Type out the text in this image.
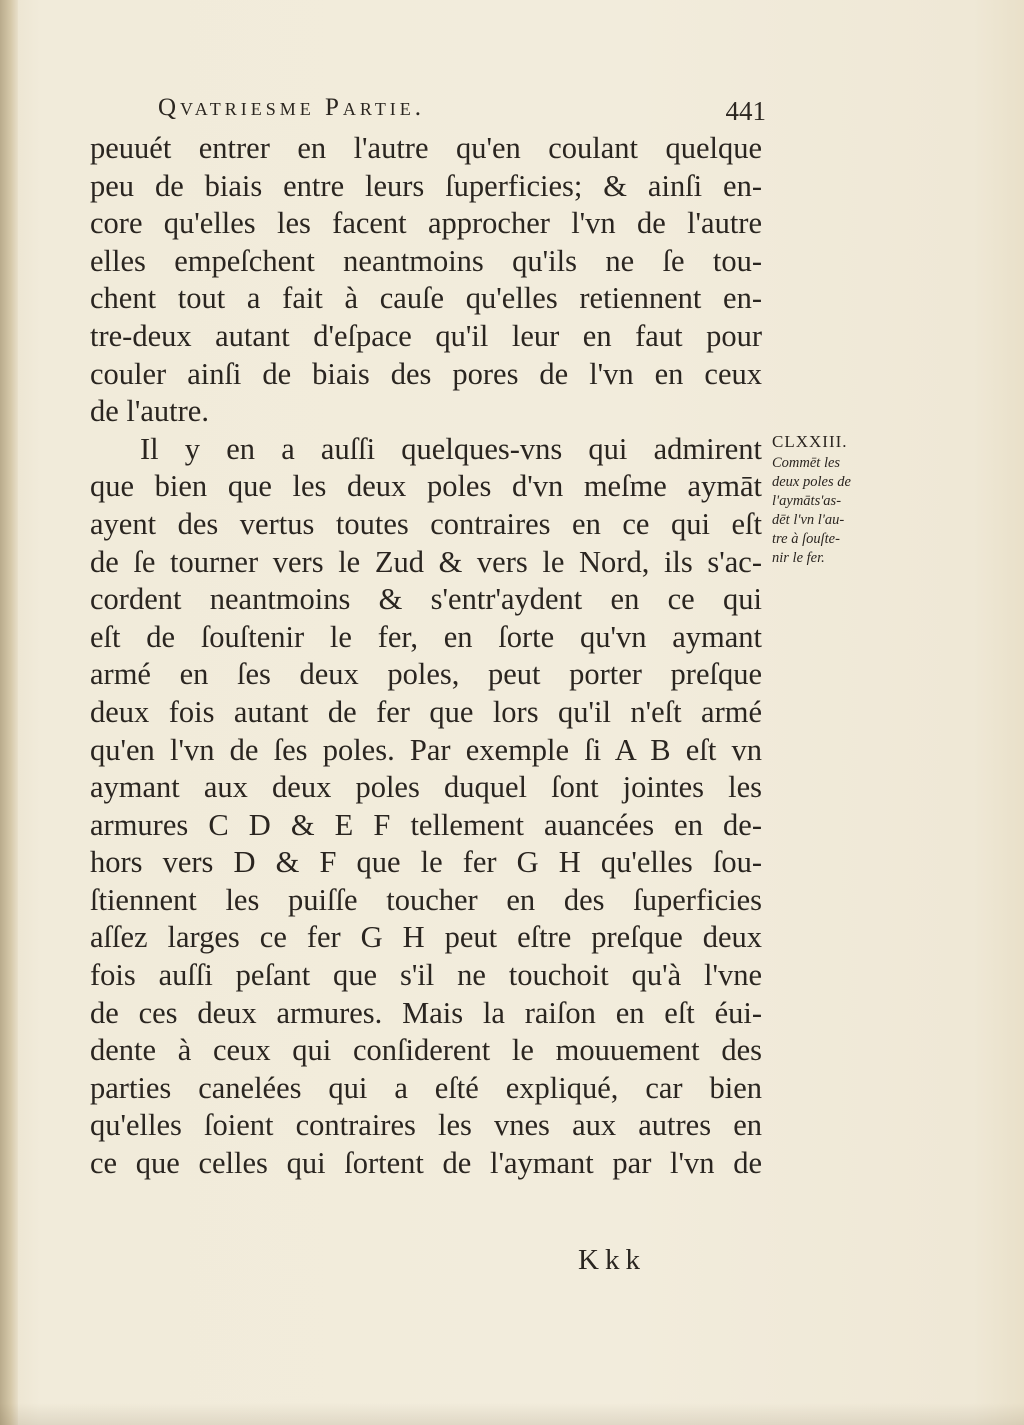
Qvatriesme Partie.	441
peuuét entrer en l'autre qu'en coulant quelque
peu de biais entre leurs ſuperficies; & ainſi en-
core qu'elles les facent approcher l'vn de l'autre
elles empeſchent neantmoins qu'ils ne ſe tou-
chent tout a fait à cauſe qu'elles retiennent en-
tre-deux autant d'eſpace qu'il leur en faut pour
couler ainſi de biais des pores de l'vn en ceux
de l'autre.
Il y en a auſſi quelques-vns qui admirent
que bien que les deux poles d'vn meſme aymāt
ayent des vertus toutes contraires en ce qui eſt
de ſe tourner vers le Zud & vers le Nord, ils s'ac-
cordent neantmoins & s'entr'aydent en ce qui
eſt de ſouſtenir le fer, en ſorte qu'vn aymant
armé en ſes deux poles, peut porter preſque
deux fois autant de fer que lors qu'il n'eſt armé
qu'en l'vn de ſes poles. Par exemple ſi A B eſt vn
aymant aux deux poles duquel ſont jointes les
armures C D & E F tellement auancées en de-
hors vers D & F que le fer G H qu'elles ſou-
ſtiennent les puiſſe toucher en des ſuperficies
aſſez larges ce fer G H peut eſtre preſque deux
fois auſſi peſant que s'il ne touchoit qu'à l'vne
de ces deux armures. Mais la raiſon en eſt éui-
dente à ceux qui conſiderent le mouuement des
parties canelées qui a eſté expliqué, car bien
qu'elles ſoient contraires les vnes aux autres en
ce que celles qui ſortent de l'aymant par l'vn de
CLXXIII.
Commēt les
deux poles de
l'aymāts'as-
dēt l'vn l'au-
tre à ſouſte-
nir le fer.
Kkk
